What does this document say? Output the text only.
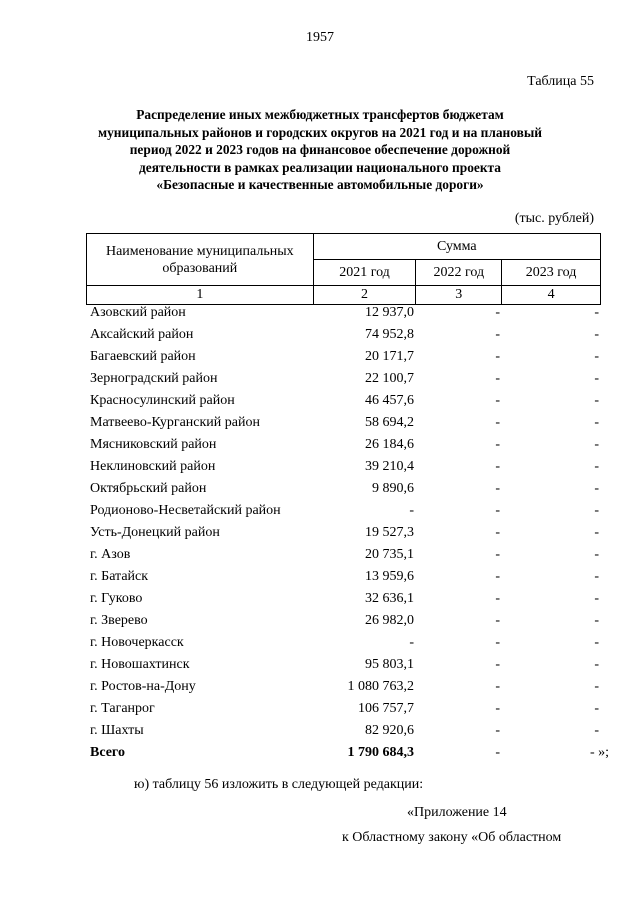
1957
Таблица 55
Распределение иных межбюджетных трансфертов бюджетам
муниципальных районов и городских округов на 2021 год и на плановый
период 2022 и 2023 годов на финансовое обеспечение дорожной
деятельности в рамках реализации национального проекта
«Безопасные и качественные автомобильные дороги»
(тыс. рублей)
Наименование муниципальных
образований	Сумма		
	2021 год	2022 год	2023 год
1	2	3	4
Азовский район	12 937,0	-	-
Аксайский район	74 952,8	-	-
Багаевский район	20 171,7	-	-
Зерноградский район	22 100,7	-	-
Красносулинский район	46 457,6	-	-
Матвеево-Курганский район	58 694,2	-	-
Мясниковский район	26 184,6	-	-
Неклиновский район	39 210,4	-	-
Октябрьский район	9 890,6	-	-
Родионово-Несветайский район	-	-	-
Усть-Донецкий район	19 527,3	-	-
г. Азов	20 735,1	-	-
г. Батайск	13 959,6	-	-
г. Гуково	32 636,1	-	-
г. Зверево	26 982,0	-	-
г. Новочеркасск	-	-	-
г. Новошахтинск	95 803,1	-	-
г. Ростов-на-Дону	1 080 763,2	-	-
г. Таганрог	106 757,7	-	-
г. Шахты	82 920,6	-	-
Всего	1 790 684,3	-	- »;
ю) таблицу 56 изложить в следующей редакции:
«Приложение 14
к Областному закону «Об областном
